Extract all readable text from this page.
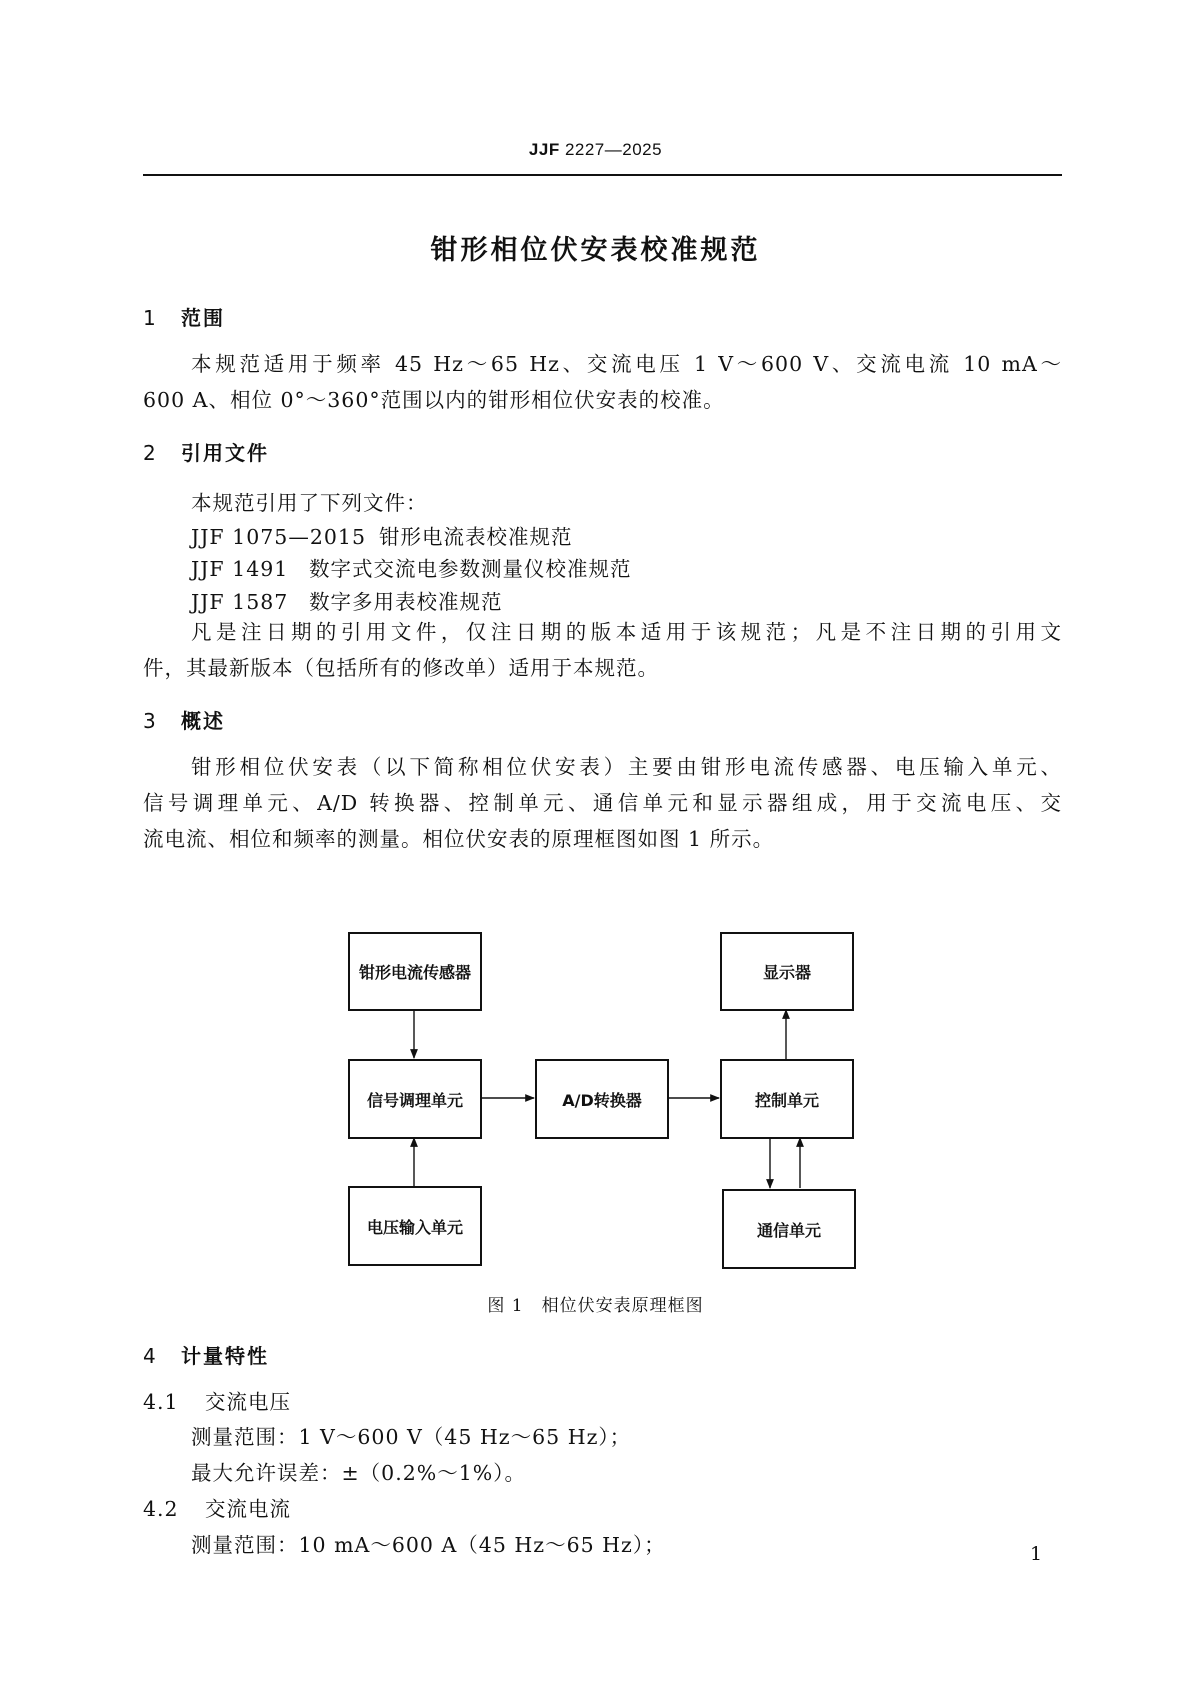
JJF 2227—2025
钳形相位伏安表校准规范
1 范围
本规范适用于频率 45 Hz～65 Hz、交流电压 1 V～600 V、交流电流 10 mA～
600 A、相位 0°～360°范围以内的钳形相位伏安表的校准。
2 引用文件
本规范引用了下列文件：
JJF 1075—2015 钳形电流表校准规范
JJF 1491 数字式交流电参数测量仪校准规范
JJF 1587 数字多用表校准规范
凡是注日期的引用文件，仅注日期的版本适用于该规范；凡是不注日期的引用文
件，其最新版本（包括所有的修改单）适用于本规范。
3 概述
钳形相位伏安表（以下简称相位伏安表）主要由钳形电流传感器、电压输入单元、
信号调理单元、A/D 转换器、控制单元、通信单元和显示器组成，用于交流电压、交
流电流、相位和频率的测量。相位伏安表的原理框图如图 1 所示。
钳形电流传感器
信号调理单元
电压输入单元
A/D转换器
显示器
控制单元
通信单元
图 1　相位伏安表原理框图
4 计量特性
4.1 交流电压
测量范围：1 V～600 V（45 Hz～65 Hz）；
最大允许误差：±（0.2%～1%）。
4.2 交流电流
测量范围：10 mA～600 A（45 Hz～65 Hz）；	1
